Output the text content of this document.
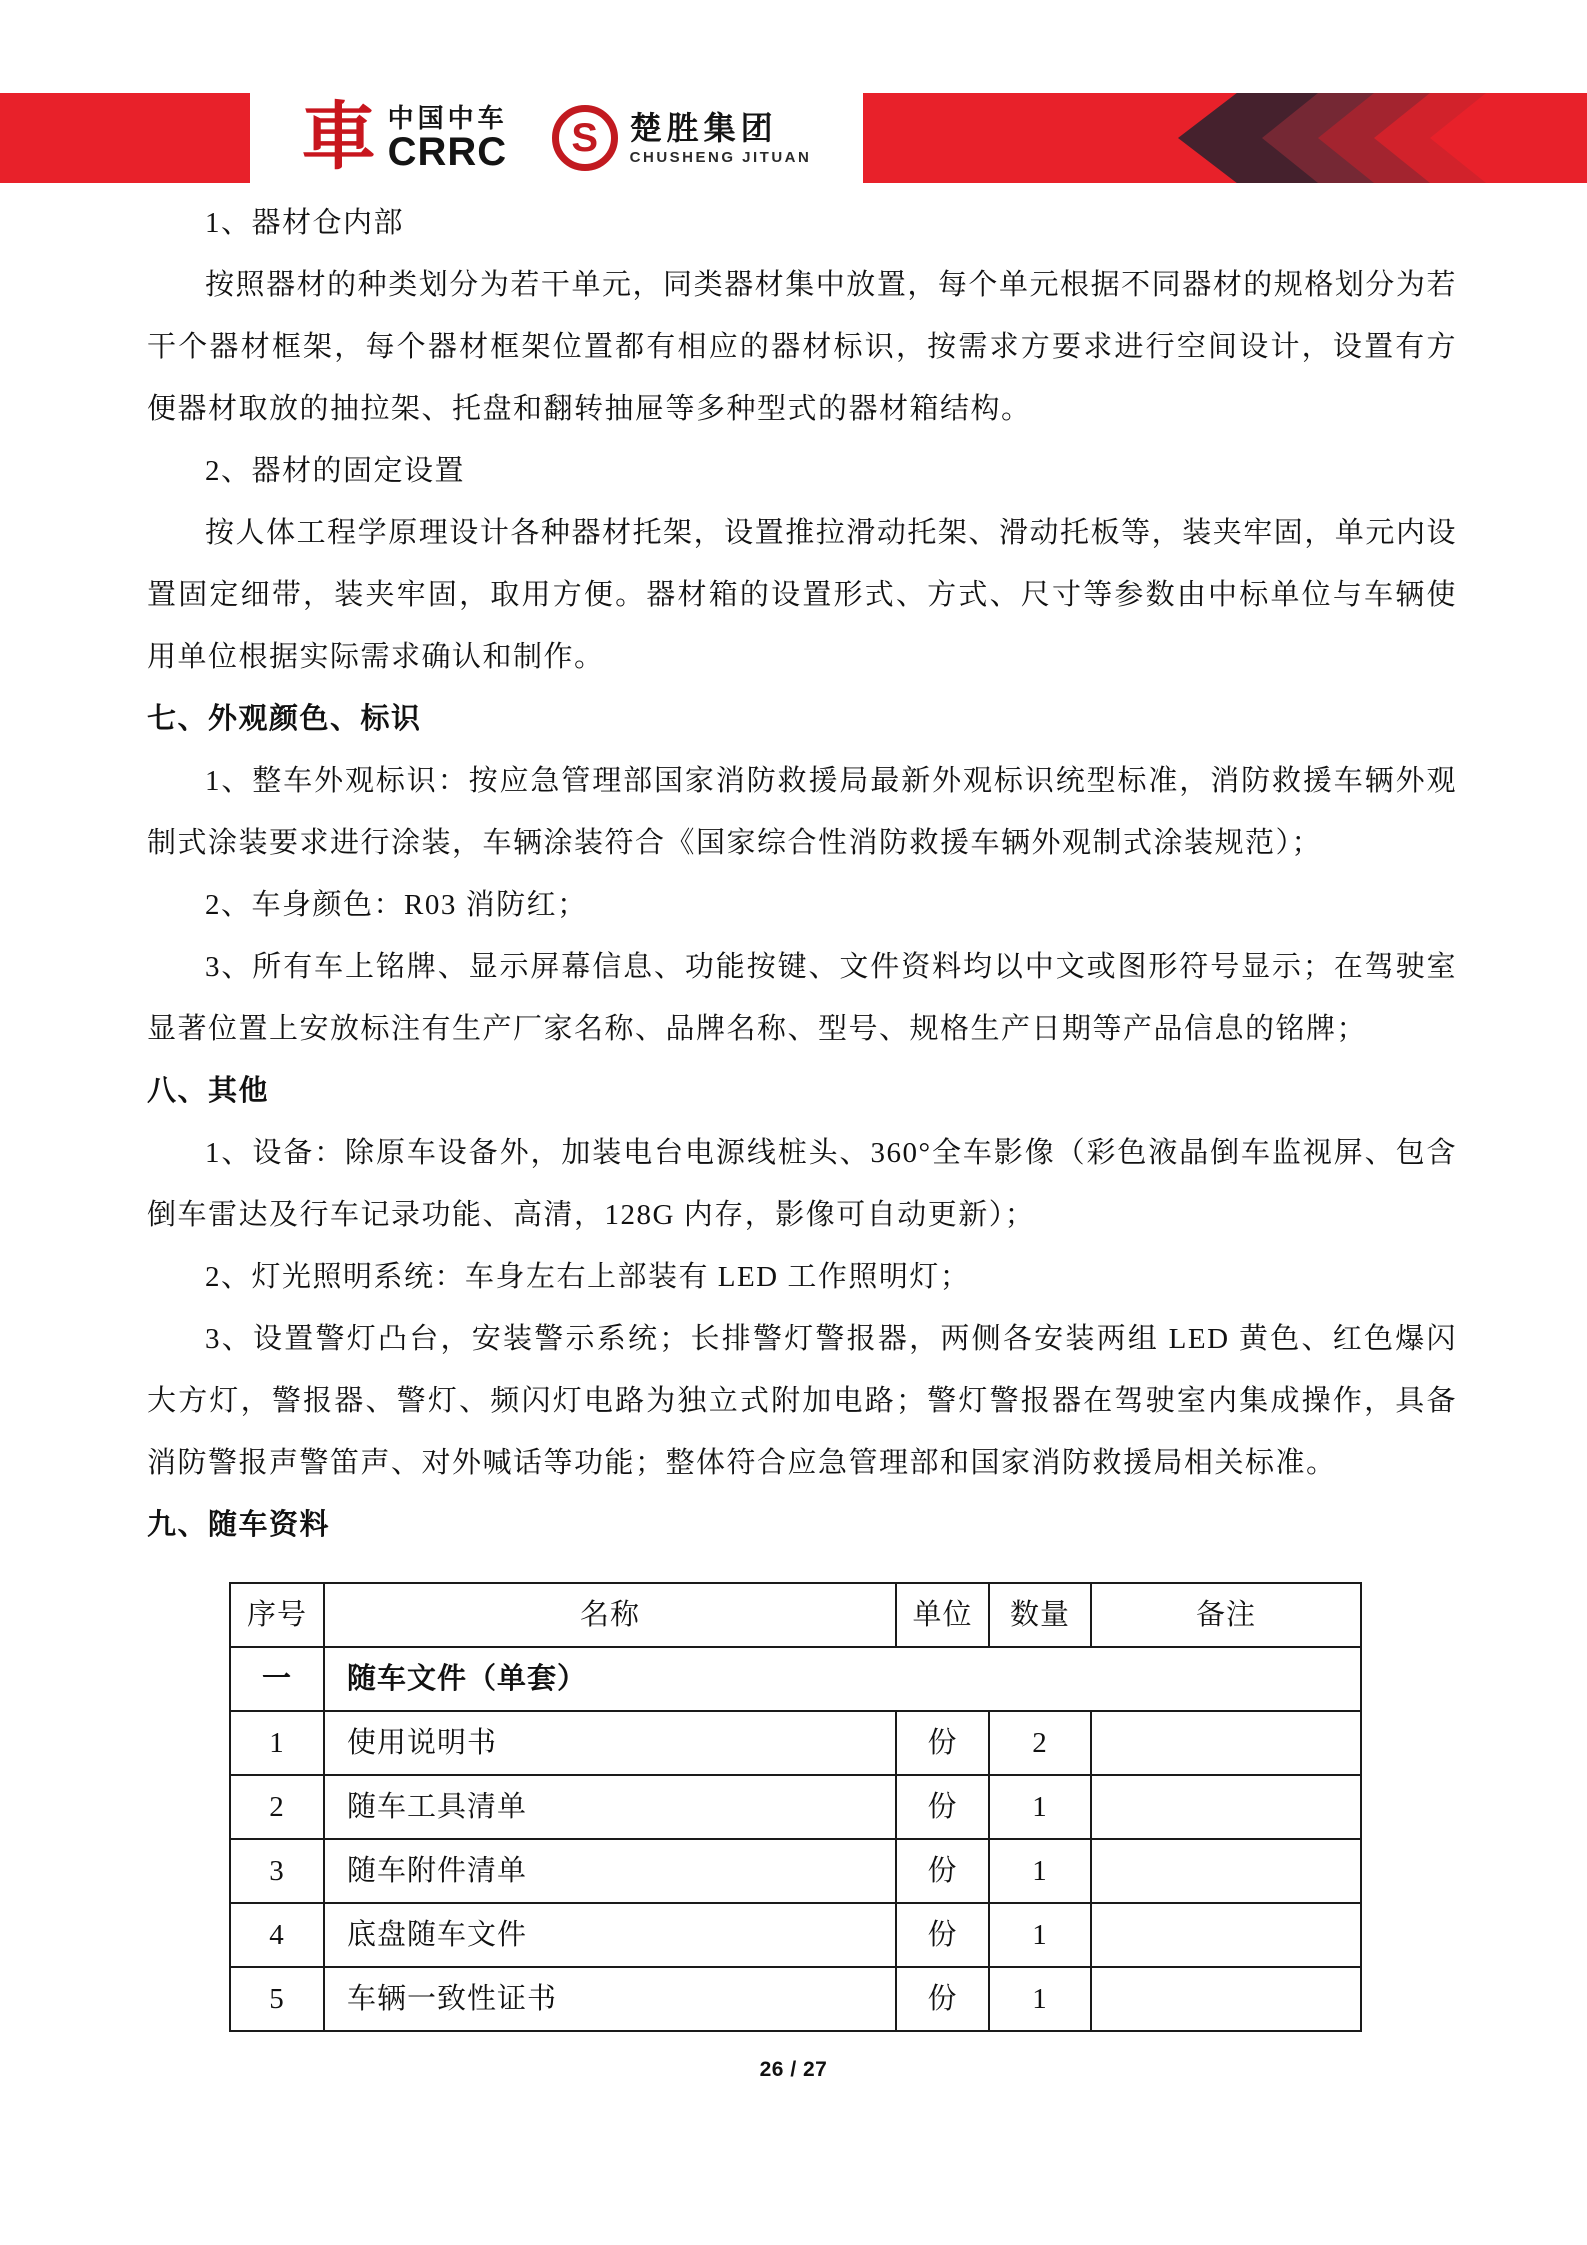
車 中国中车
CRRC S 楚胜集团
CHUSHENG JITUAN

1、器材仓内部

按照器材的种类划分为若干单元，同类器材集中放置，每个单元根据不同器材的规格划分为若干个器材框架，每个器材框架位置都有相应的器材标识，按需求方要求进行空间设计，设置有方便器材取放的抽拉架、托盘和翻转抽屉等多种型式的器材箱结构。

2、器材的固定设置

按人体工程学原理设计各种器材托架，设置推拉滑动托架、滑动托板等，装夹牢固，单元内设置固定细带，装夹牢固，取用方便。器材箱的设置形式、方式、尺寸等参数由中标单位与车辆使用单位根据实际需求确认和制作。

七、外观颜色、标识

1、整车外观标识：按应急管理部国家消防救援局最新外观标识统型标准，消防救援车辆外观制式涂装要求进行涂装，车辆涂装符合《国家综合性消防救援车辆外观制式涂装规范）；

2、车身颜色：R03 消防红；

3、所有车上铭牌、显示屏幕信息、功能按键、文件资料均以中文或图形符号显示；在驾驶室显著位置上安放标注有生产厂家名称、品牌名称、型号、规格生产日期等产品信息的铭牌；

八、其他

1、设备：除原车设备外，加装电台电源线桩头、360°全车影像（彩色液晶倒车监视屏、包含倒车雷达及行车记录功能、高清，128G 内存，影像可自动更新）；

2、灯光照明系统：车身左右上部装有 LED 工作照明灯；

3、设置警灯凸台，安装警示系统；长排警灯警报器，两侧各安装两组 LED 黄色、红色爆闪大方灯，警报器、警灯、频闪灯电路为独立式附加电路；警灯警报器在驾驶室内集成操作，具备消防警报声警笛声、对外喊话等功能；整体符合应急管理部和国家消防救援局相关标准。

九、随车资料

序号	名称	单位	数量	备注
一	随车文件（单套）			
1	使用说明书	份	2	
2	随车工具清单	份	1	
3	随车附件清单	份	1	
4	底盘随车文件	份	1	
5	车辆一致性证书	份	1	
26 / 27
